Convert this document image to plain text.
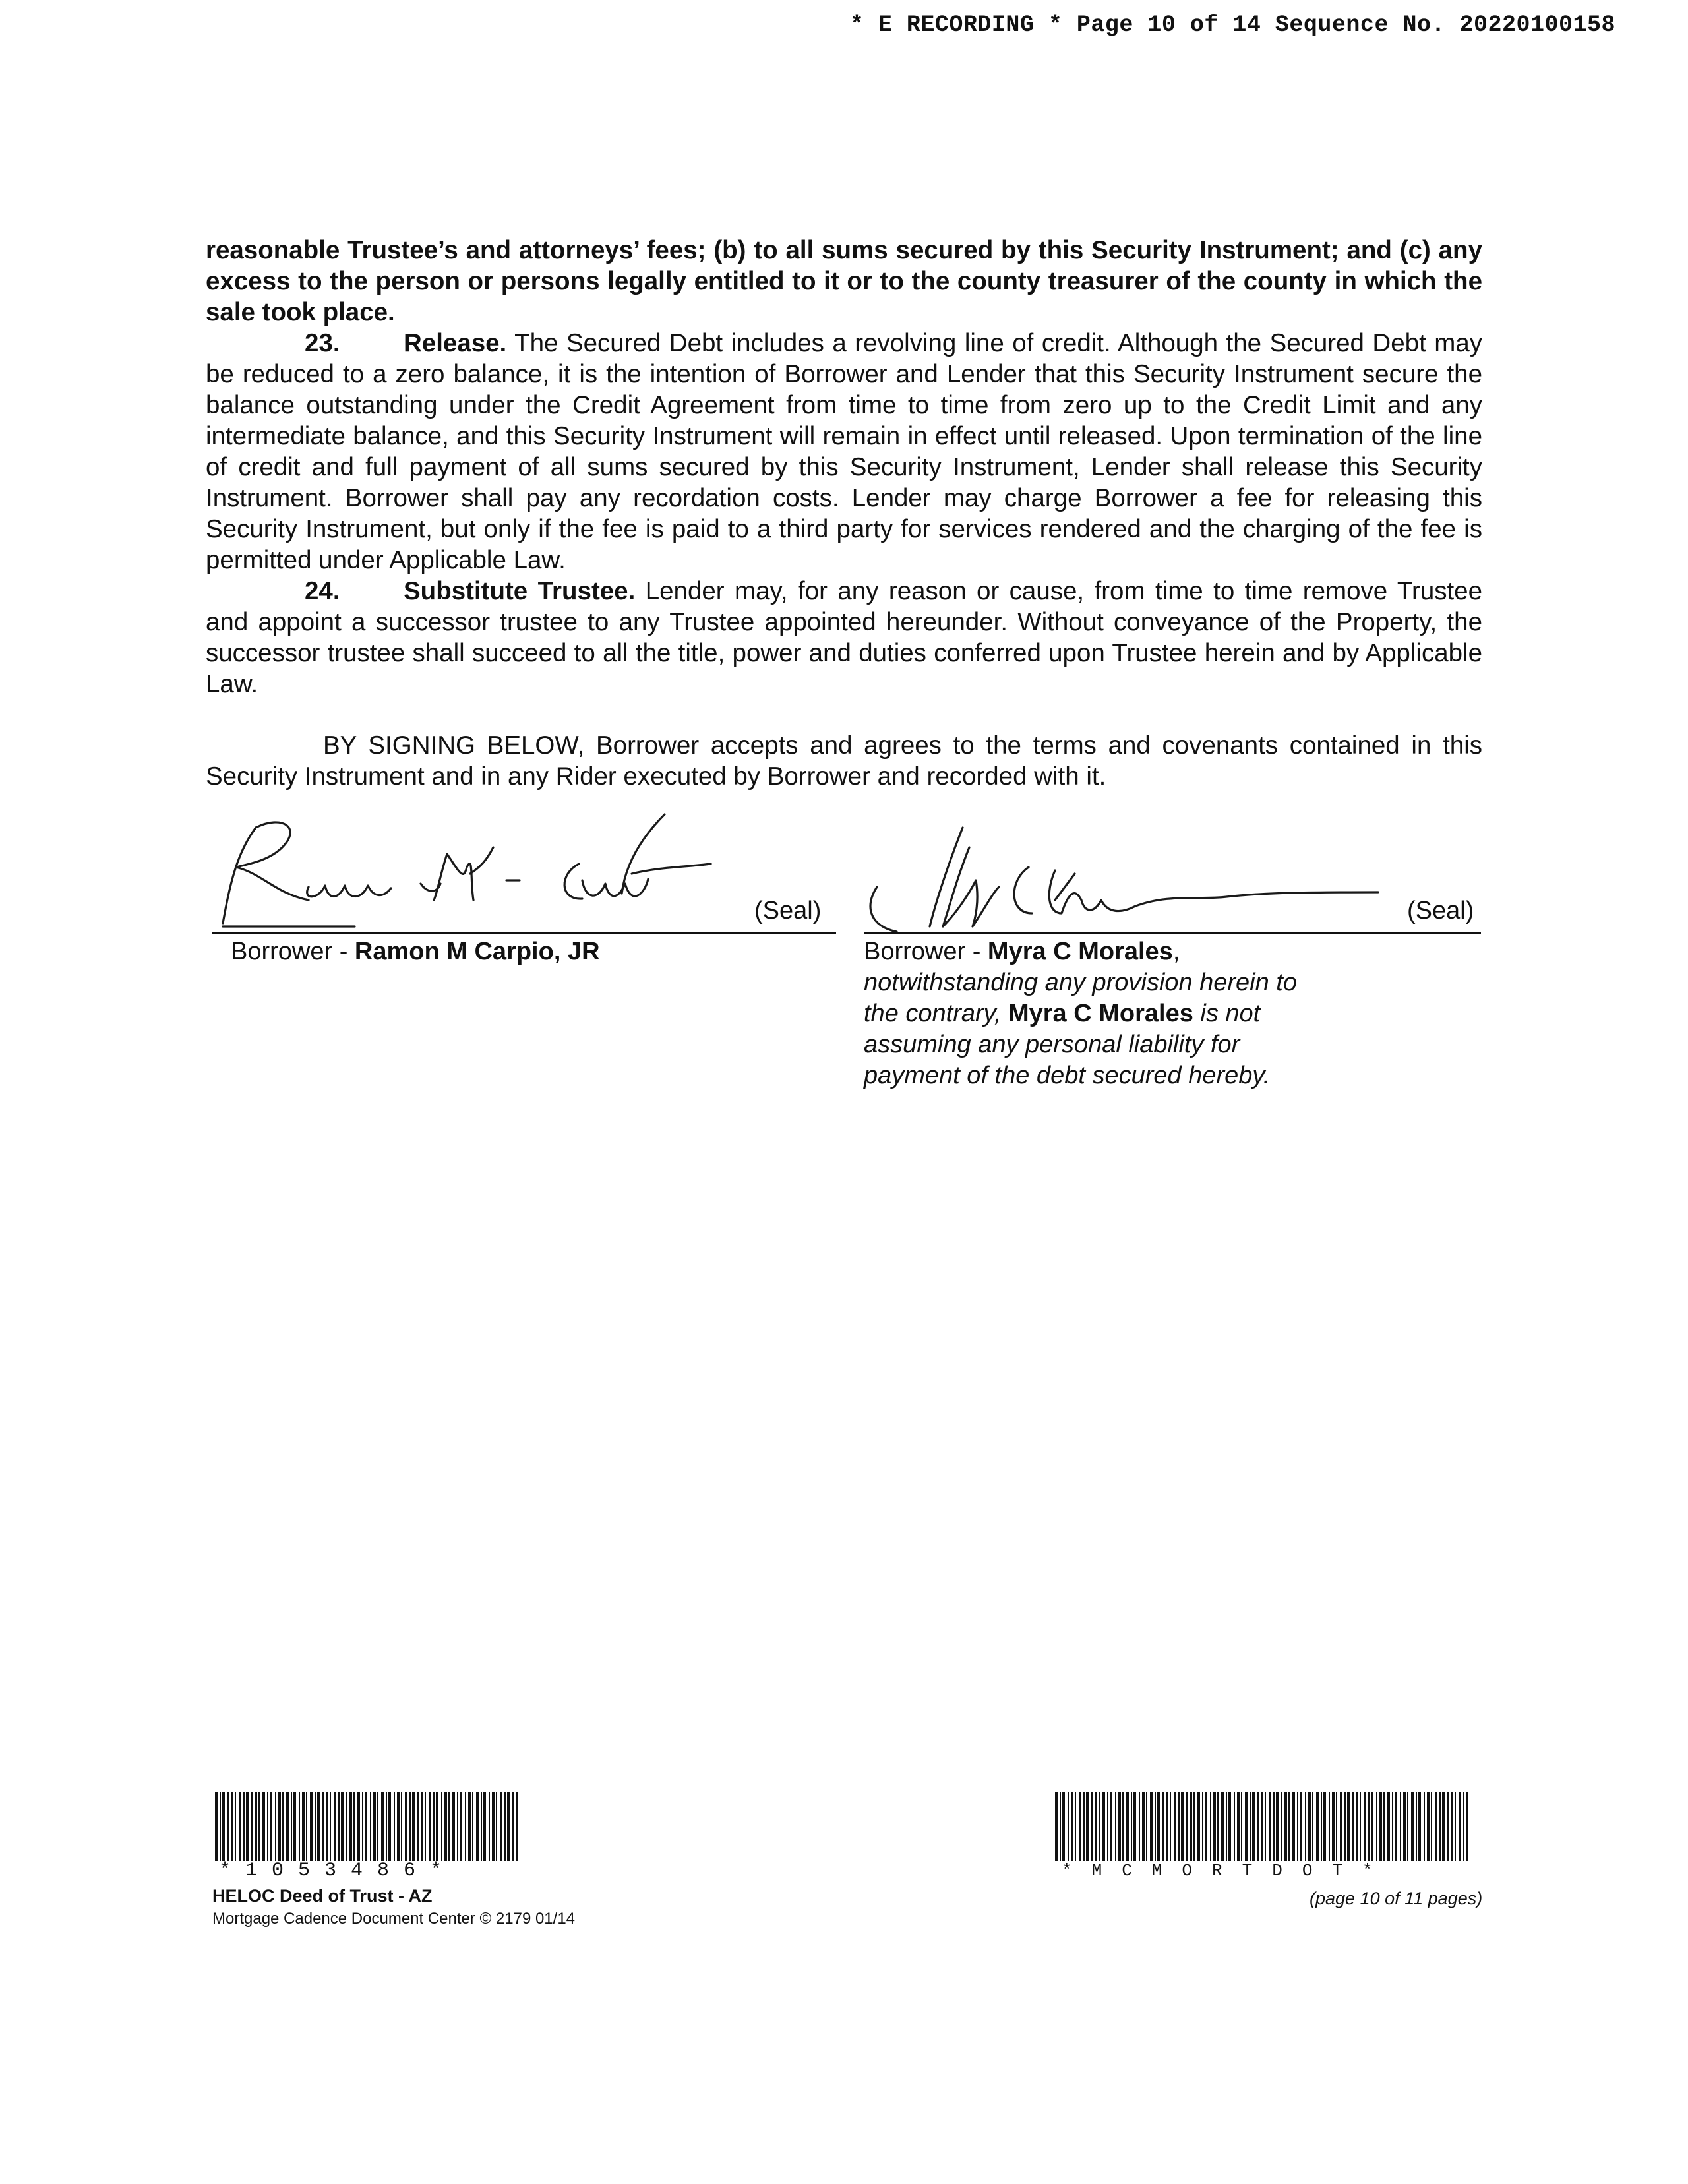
* E RECORDING * Page 10 of 14 Sequence No. 20220100158

reasonable Trustee’s and attorneys’ fees; (b) to all sums secured by this Security Instrument; and (c) any excess to the person or persons legally entitled to it or to the county treasurer of the county in which the sale took place.

23.	Release. The Secured Debt includes a revolving line of credit. Although the Secured Debt may be reduced to a zero balance, it is the intention of Borrower and Lender that this Security Instrument secure the balance outstanding under the Credit Agreement from time to time from zero up to the Credit Limit and any intermediate balance, and this Security Instrument will remain in effect until released. Upon termination of the line of credit and full payment of all sums secured by this Security Instrument, Lender shall release this Security Instrument. Borrower shall pay any recordation costs. Lender may charge Borrower a fee for releasing this Security Instrument, but only if the fee is paid to a third party for services rendered and the charging of the fee is permitted under Applicable Law.

24.	Substitute Trustee. Lender may, for any reason or cause, from time to time remove Trustee and appoint a successor trustee to any Trustee appointed hereunder. Without conveyance of the Property, the successor trustee shall succeed to all the title, power and duties conferred upon Trustee herein and by Applicable Law.

BY SIGNING BELOW, Borrower accepts and agrees to the terms and covenants contained in this Security Instrument and in any Rider executed by Borrower and recorded with it.

(Seal)
Borrower - Ramon M Carpio, JR
(Seal)
Borrower - Myra C Morales,
notwithstanding any provision herein to the contrary, Myra C Morales is not assuming any personal liability for payment of the debt secured hereby.
*1053486*
HELOC Deed of Trust - AZ
Mortgage Cadence Document Center © 2179 01/14
*MCMORTDOT*
(page 10 of 11 pages)
